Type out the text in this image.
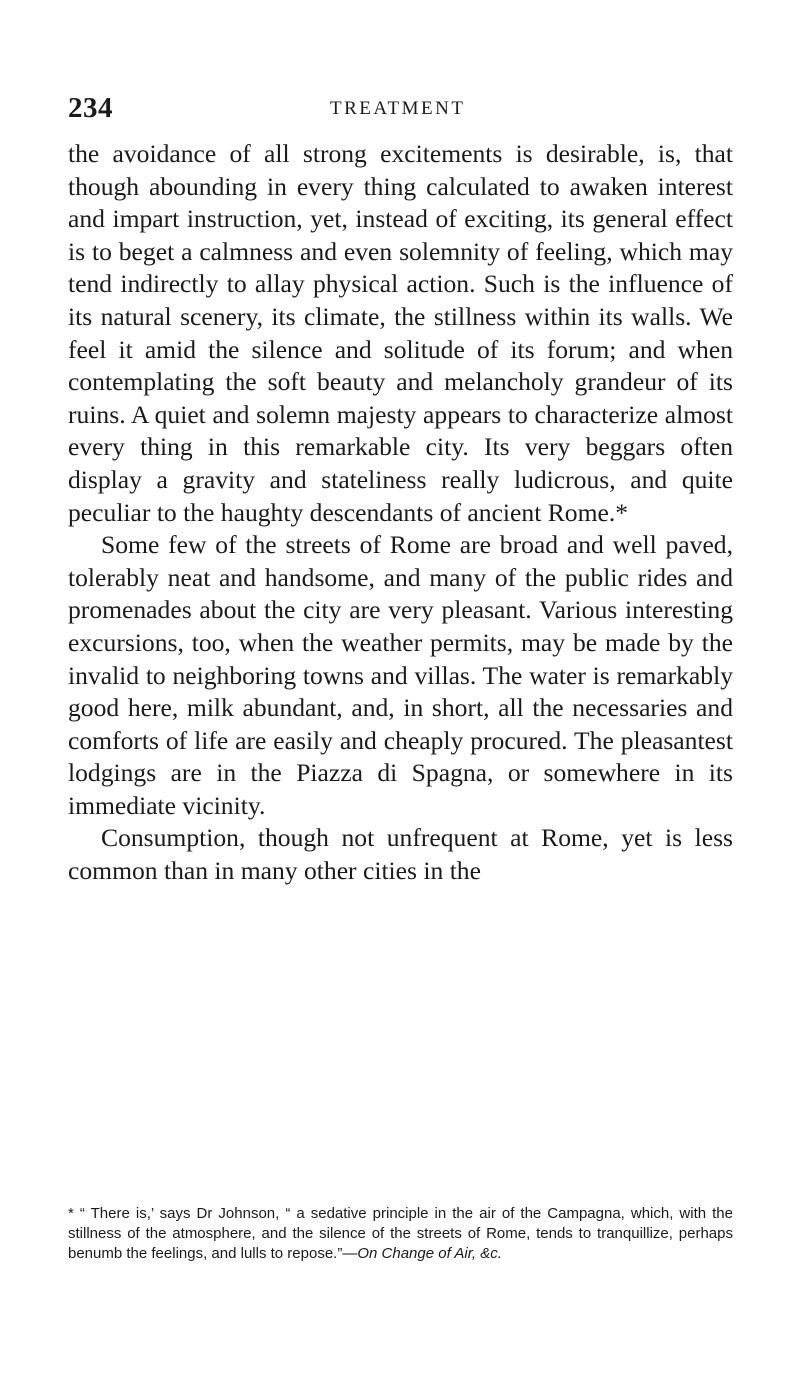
234	TREATMENT

the avoidance of all strong excitements is desirable, is, that though abounding in every thing calculated to awaken interest and impart instruction, yet, instead of exciting, its general effect is to beget a calmness and even solemnity of feeling, which may tend indirectly to allay physical action. Such is the influence of its natural scenery, its climate, the stillness within its walls. We feel it amid the silence and solitude of its forum; and when contemplating the soft beauty and melancholy grandeur of its ruins. A quiet and solemn majesty appears to characterize almost every thing in this remarkable city. Its very beggars often display a gravity and stateliness really ludicrous, and quite peculiar to the haughty descendants of ancient Rome.*

Some few of the streets of Rome are broad and well paved, tolerably neat and handsome, and many of the public rides and promenades about the city are very pleasant. Various interesting excursions, too, when the weather permits, may be made by the invalid to neighboring towns and villas. The water is remarkably good here, milk abundant, and, in short, all the necessaries and comforts of life are easily and cheaply procured. The pleasantest lodgings are in the Piazza di Spagna, or somewhere in its immediate vicinity.

Consumption, though not unfrequent at Rome, yet is less common than in many other cities in the

* “ There is,’ says Dr Johnson, “ a sedative principle in the air of the Campagna, which, with the stillness of the atmosphere, and the silence of the streets of Rome, tends to tranquillize, perhaps benumb the feelings, and lulls to repose.”—On Change of Air, &c.
